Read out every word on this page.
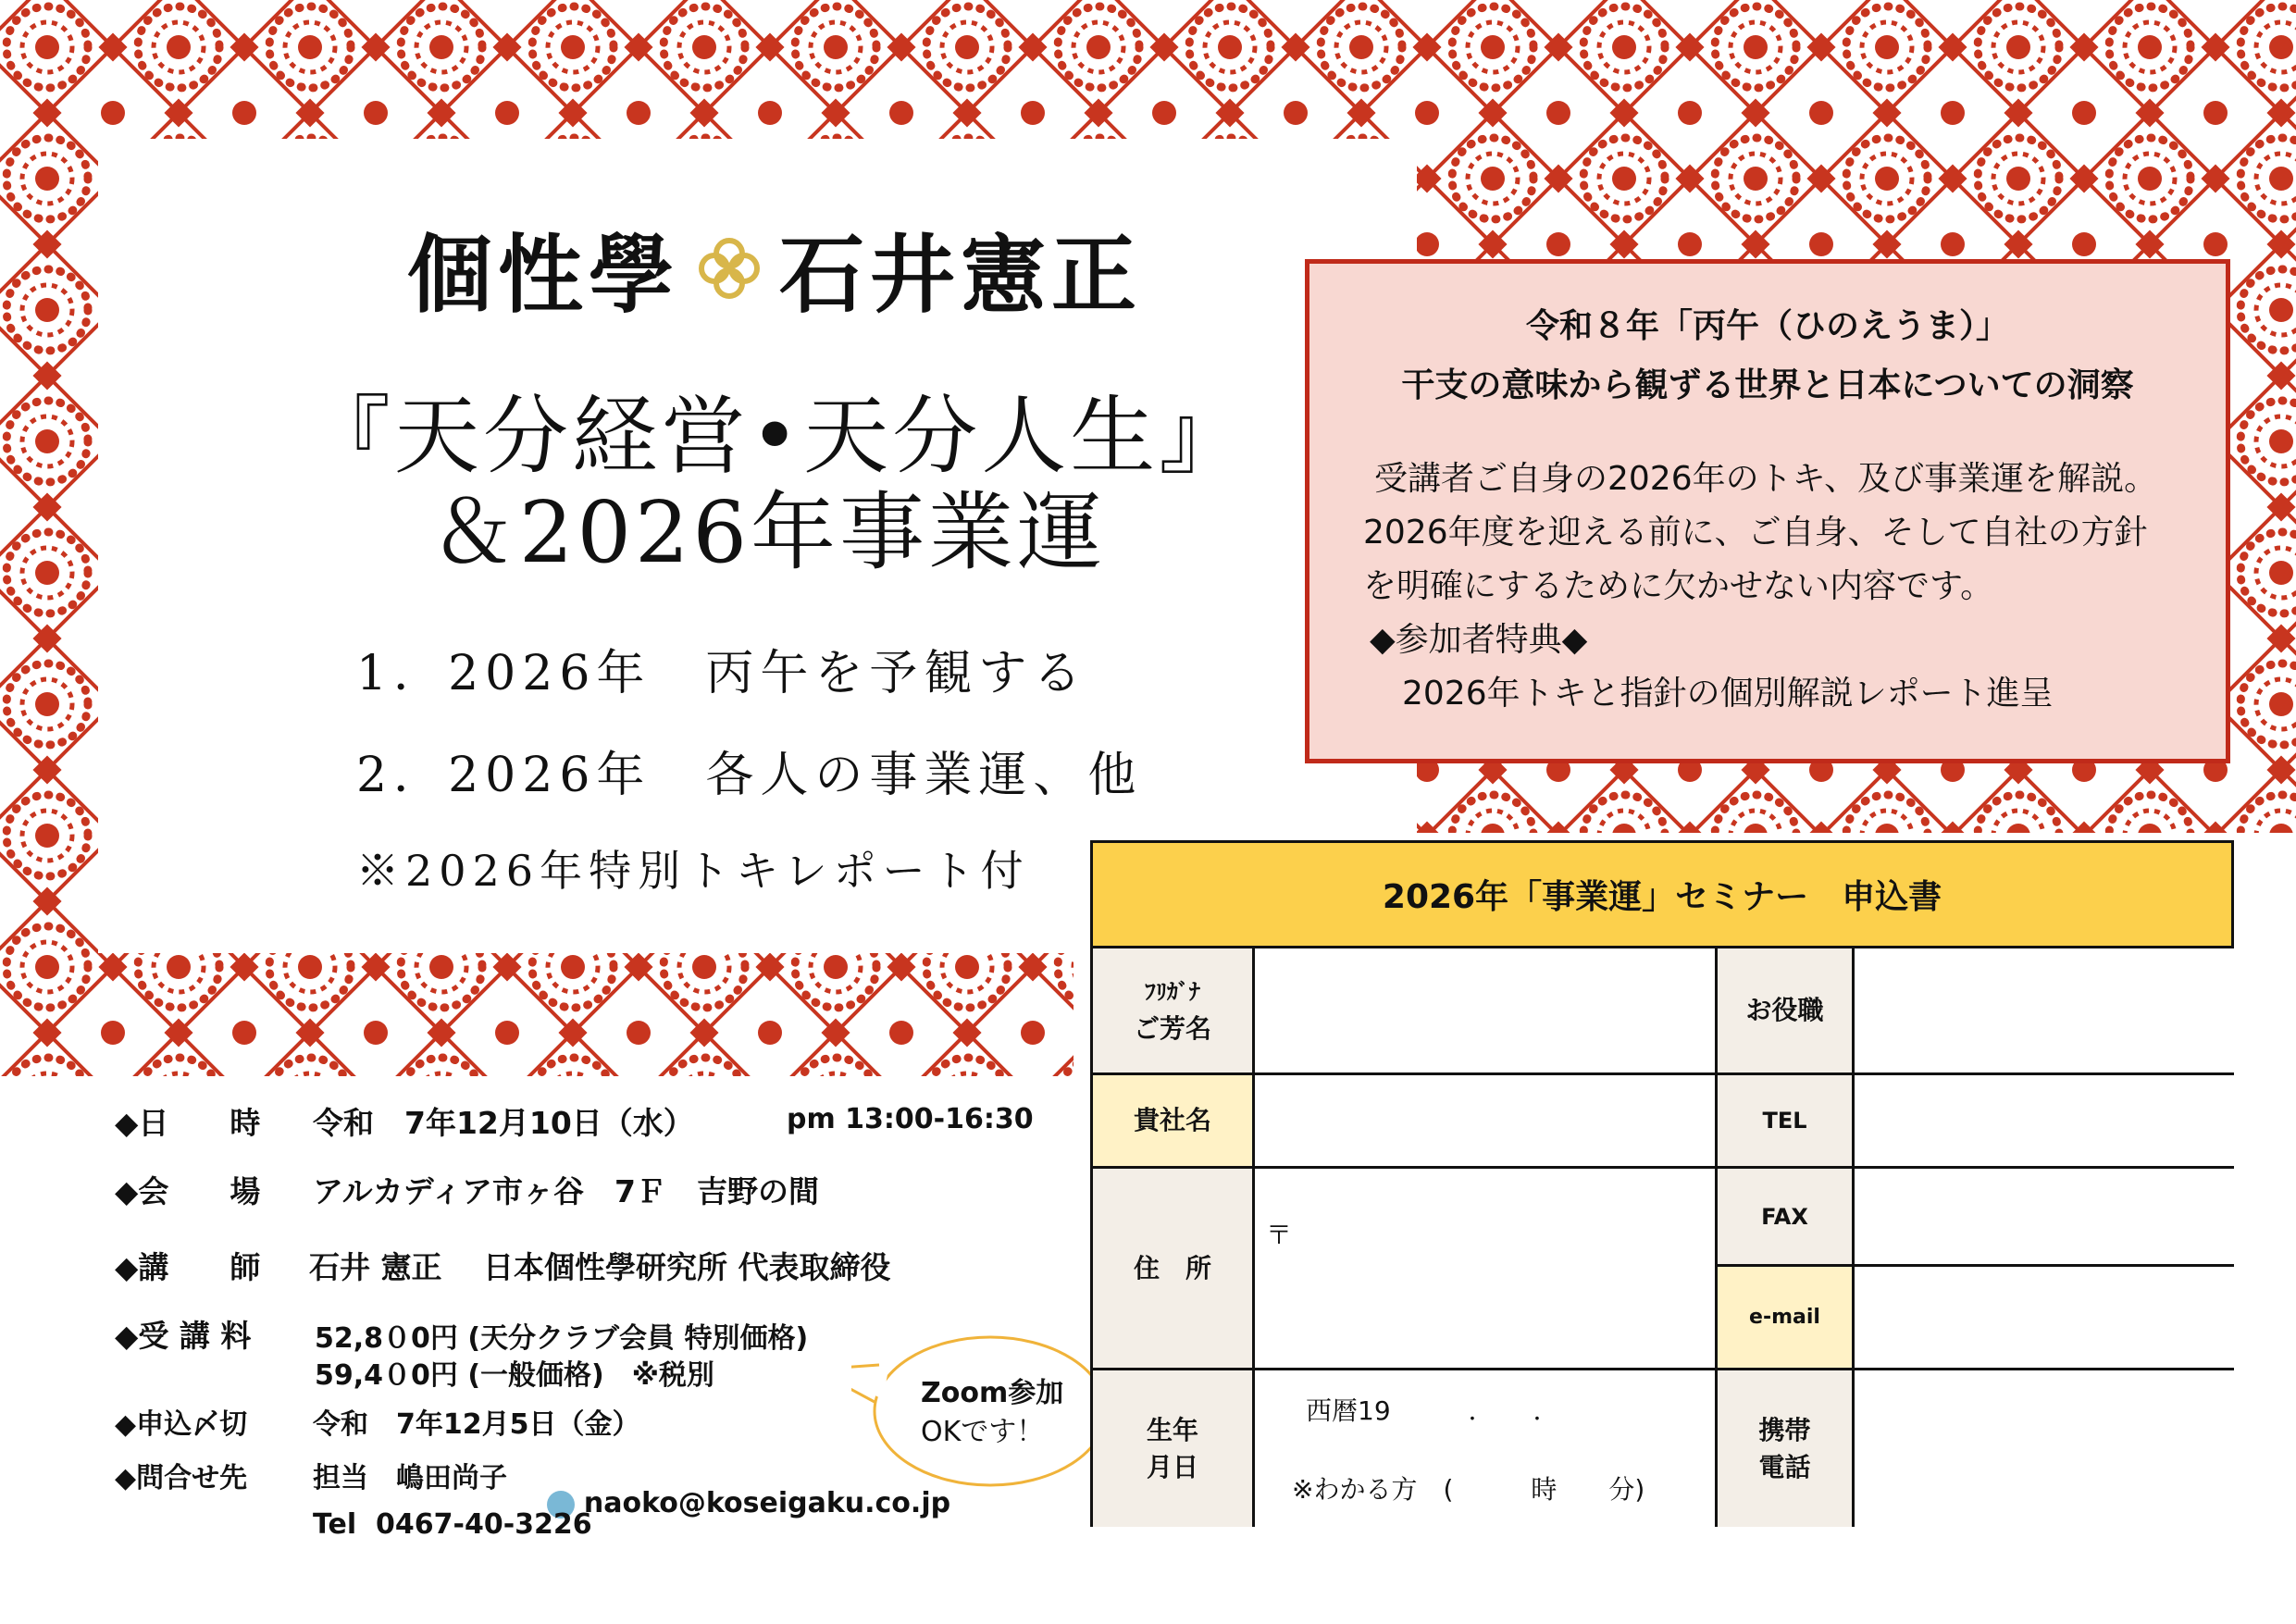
個性學 石井憲正
『天分経営•天分人生』
＆2026年事業運
1．2026年　丙午を予観する
2．2026年　各人の事業運、他
※2026年特別トキレポート付
令和８年「丙午（ひのえうま）」
干支の意味から観ずる世界と日本についての洞察
受講者ご自身の2026年のトキ、及び事業運を解説。
2026年度を迎える前に、ご自身、そして自社の方針
を明確にするために欠かせない内容です。
◆参加者特典◆
2026年トキと指針の個別解説レポート進呈
◆日　　時 令和　7年12月10日（水）	pm 13:00-16:30
◆会　　場 アルカディア市ヶ谷　7Ｆ　吉野の間
◆講　　師 石井 憲正　 日本個性學研究所 代表取締役
◆受 講 料 52,8０0円 (天分クラブ会員 特別価格)
59,4０0円 (一般価格)　※税別
◆申込〆切 令和　7年12月5日（金）
◆問合せ先 担当　嶋田尚子

naoko@koseigaku.co.jp

Tel  0467-40-3226
Zoom参加
OKです！
2026年「事業運」セミナー　申込書
ﾌﾘｶﾞﾅ
ご芳名
お役職
貴社名	TEL
住　所
〒
FAX
e-mail
生年
月日
西暦19　　　．　　．
※わかる方　(　　　時　　分)
携帯
電話
